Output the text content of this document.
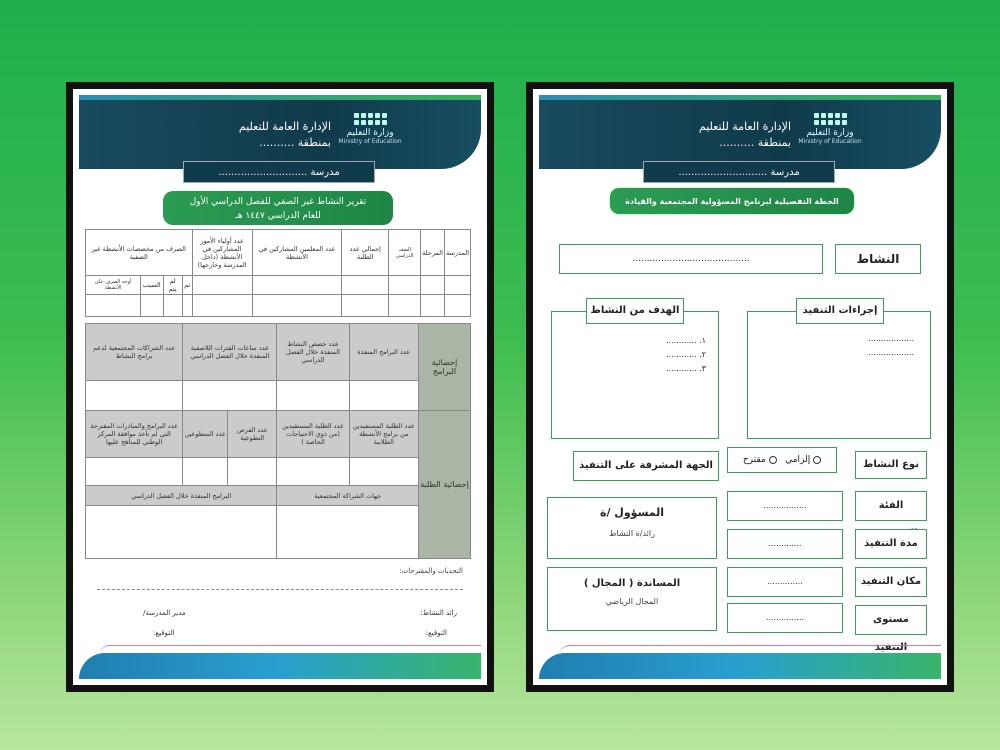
الإدارة العامة للتعليم
بمنطقة ..........
وزارة التعليم
Ministry of Education
مدرسة ............................
تقرير النشاط غير الصفي للفصل الدراسي الأول
للعام الدراسي ١٤٤٧ هـ
المدرسة	المرحلة	الصف الدراسي	إجمالي عدد الطلبة	عدد المعلمين المشاركين في الأنشطة	عدد أولياء الأمور المشاركين في الأنشطة (داخل المدرسة وخارجها)	الصرف من مخصصات الأنشطة غير الصفية			

						تم	لم يتم	السبب	أوجه الصرف على الأنشطة

إحصائية البرامج	عدد البرامج المنفذة	عدد حصص النشاط المنفذة خلال الفصل الدراسي	عدد ساعات الفترات اللاصفية المنفذة خلال الفصل الدراسي		عدد الشراكات المجتمعية لدعم برامج النشاط

إحصائية الطلبة	عدد الطلبة المستفيدين من برامج الأنشطة الطلابية	عدد الطلبة المستفيدين (من ذوي الاحتياجات الخاصة )	عدد الفرص التطوعية	عدد المتطوعين	عدد البرامج والمبادرات المقترحة التي لم تأخذ موافقة المركز الوطني للمناهج عليها

	جهات الشراكة المجتمعية		البرامج المنفذة خلال الفصل الدراسي		

التحديات والمقترحات:
رائد النشاط:
مدير المدرسة/
التوقيع:
التوقيع:
الإدارة العامة للتعليم
بمنطقة ..........
وزارة التعليم
Ministry of Education
مدرسة ............................
الخطة التفصيلية لبرنامج المسؤولية المجتمعية والقيادة
النشاط
.........................................
الهدف من النشاط
١. ............
٢. ............
٣. ............
إجراءات التنفيذ
..................
..................
نوع النشاط
إلزامي    مقترح
الجهة المشرفة على التنفيذ
الفئة
.................
مدة التنفيذ
.............
مكان التنفيذ
..............
مستوى
...............
المسؤول /ة
رائد/ة النشاط
المساندة ( المجال )
المجال الرياضي
